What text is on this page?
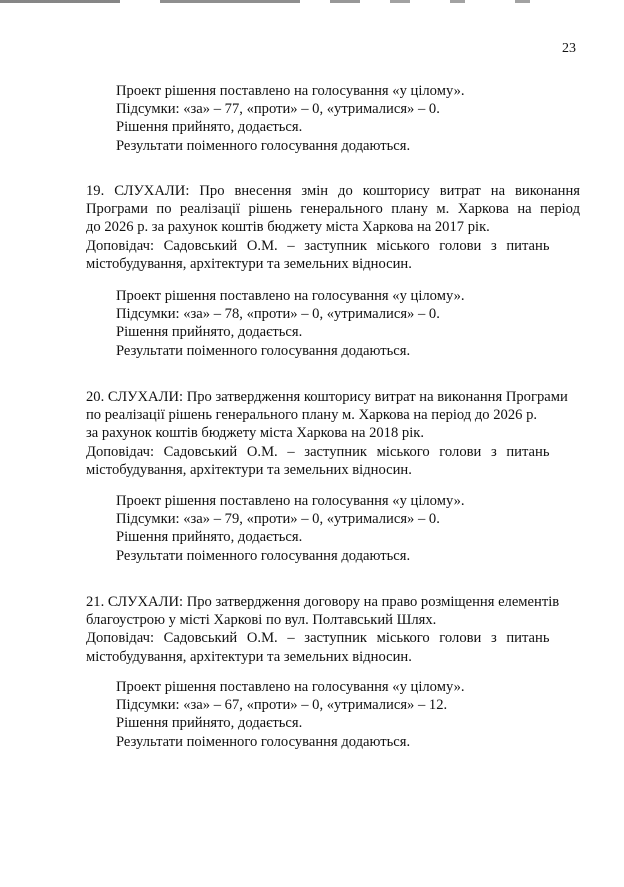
23
Проект рішення поставлено на голосування «у цілому».
Підсумки: «за» – 77, «проти» – 0, «утрималися» – 0.
Рішення прийнято, додається.
Результати поіменного голосування додаються.
19. СЛУХАЛИ: Про внесення змін до кошторису витрат на виконання
Програми по реалізації рішень генерального плану м. Харкова на період
до 2026 р. за рахунок коштів бюджету міста Харкова на 2017 рік.
Доповідач: Садовський О.М. – заступник міського голови з питань
містобудування, архітектури та земельних відносин.
Проект рішення поставлено на голосування «у цілому».
Підсумки: «за» – 78, «проти» – 0, «утрималися» – 0.
Рішення прийнято, додається.
Результати поіменного голосування додаються.
20. СЛУХАЛИ: Про затвердження кошторису витрат на виконання Програми
по реалізації рішень генерального плану м. Харкова на період до 2026 р.
за рахунок коштів бюджету міста Харкова на 2018 рік.
Доповідач: Садовський О.М. – заступник міського голови з питань
містобудування, архітектури та земельних відносин.
Проект рішення поставлено на голосування «у цілому».
Підсумки: «за» – 79, «проти» – 0, «утрималися» – 0.
Рішення прийнято, додається.
Результати поіменного голосування додаються.
21. СЛУХАЛИ: Про затвердження договору на право розміщення елементів
благоустрою у місті Харкові по вул. Полтавський Шлях.
Доповідач: Садовський О.М. – заступник міського голови з питань
містобудування, архітектури та земельних відносин.
Проект рішення поставлено на голосування «у цілому».
Підсумки: «за» – 67, «проти» – 0, «утрималися» – 12.
Рішення прийнято, додається.
Результати поіменного голосування додаються.
